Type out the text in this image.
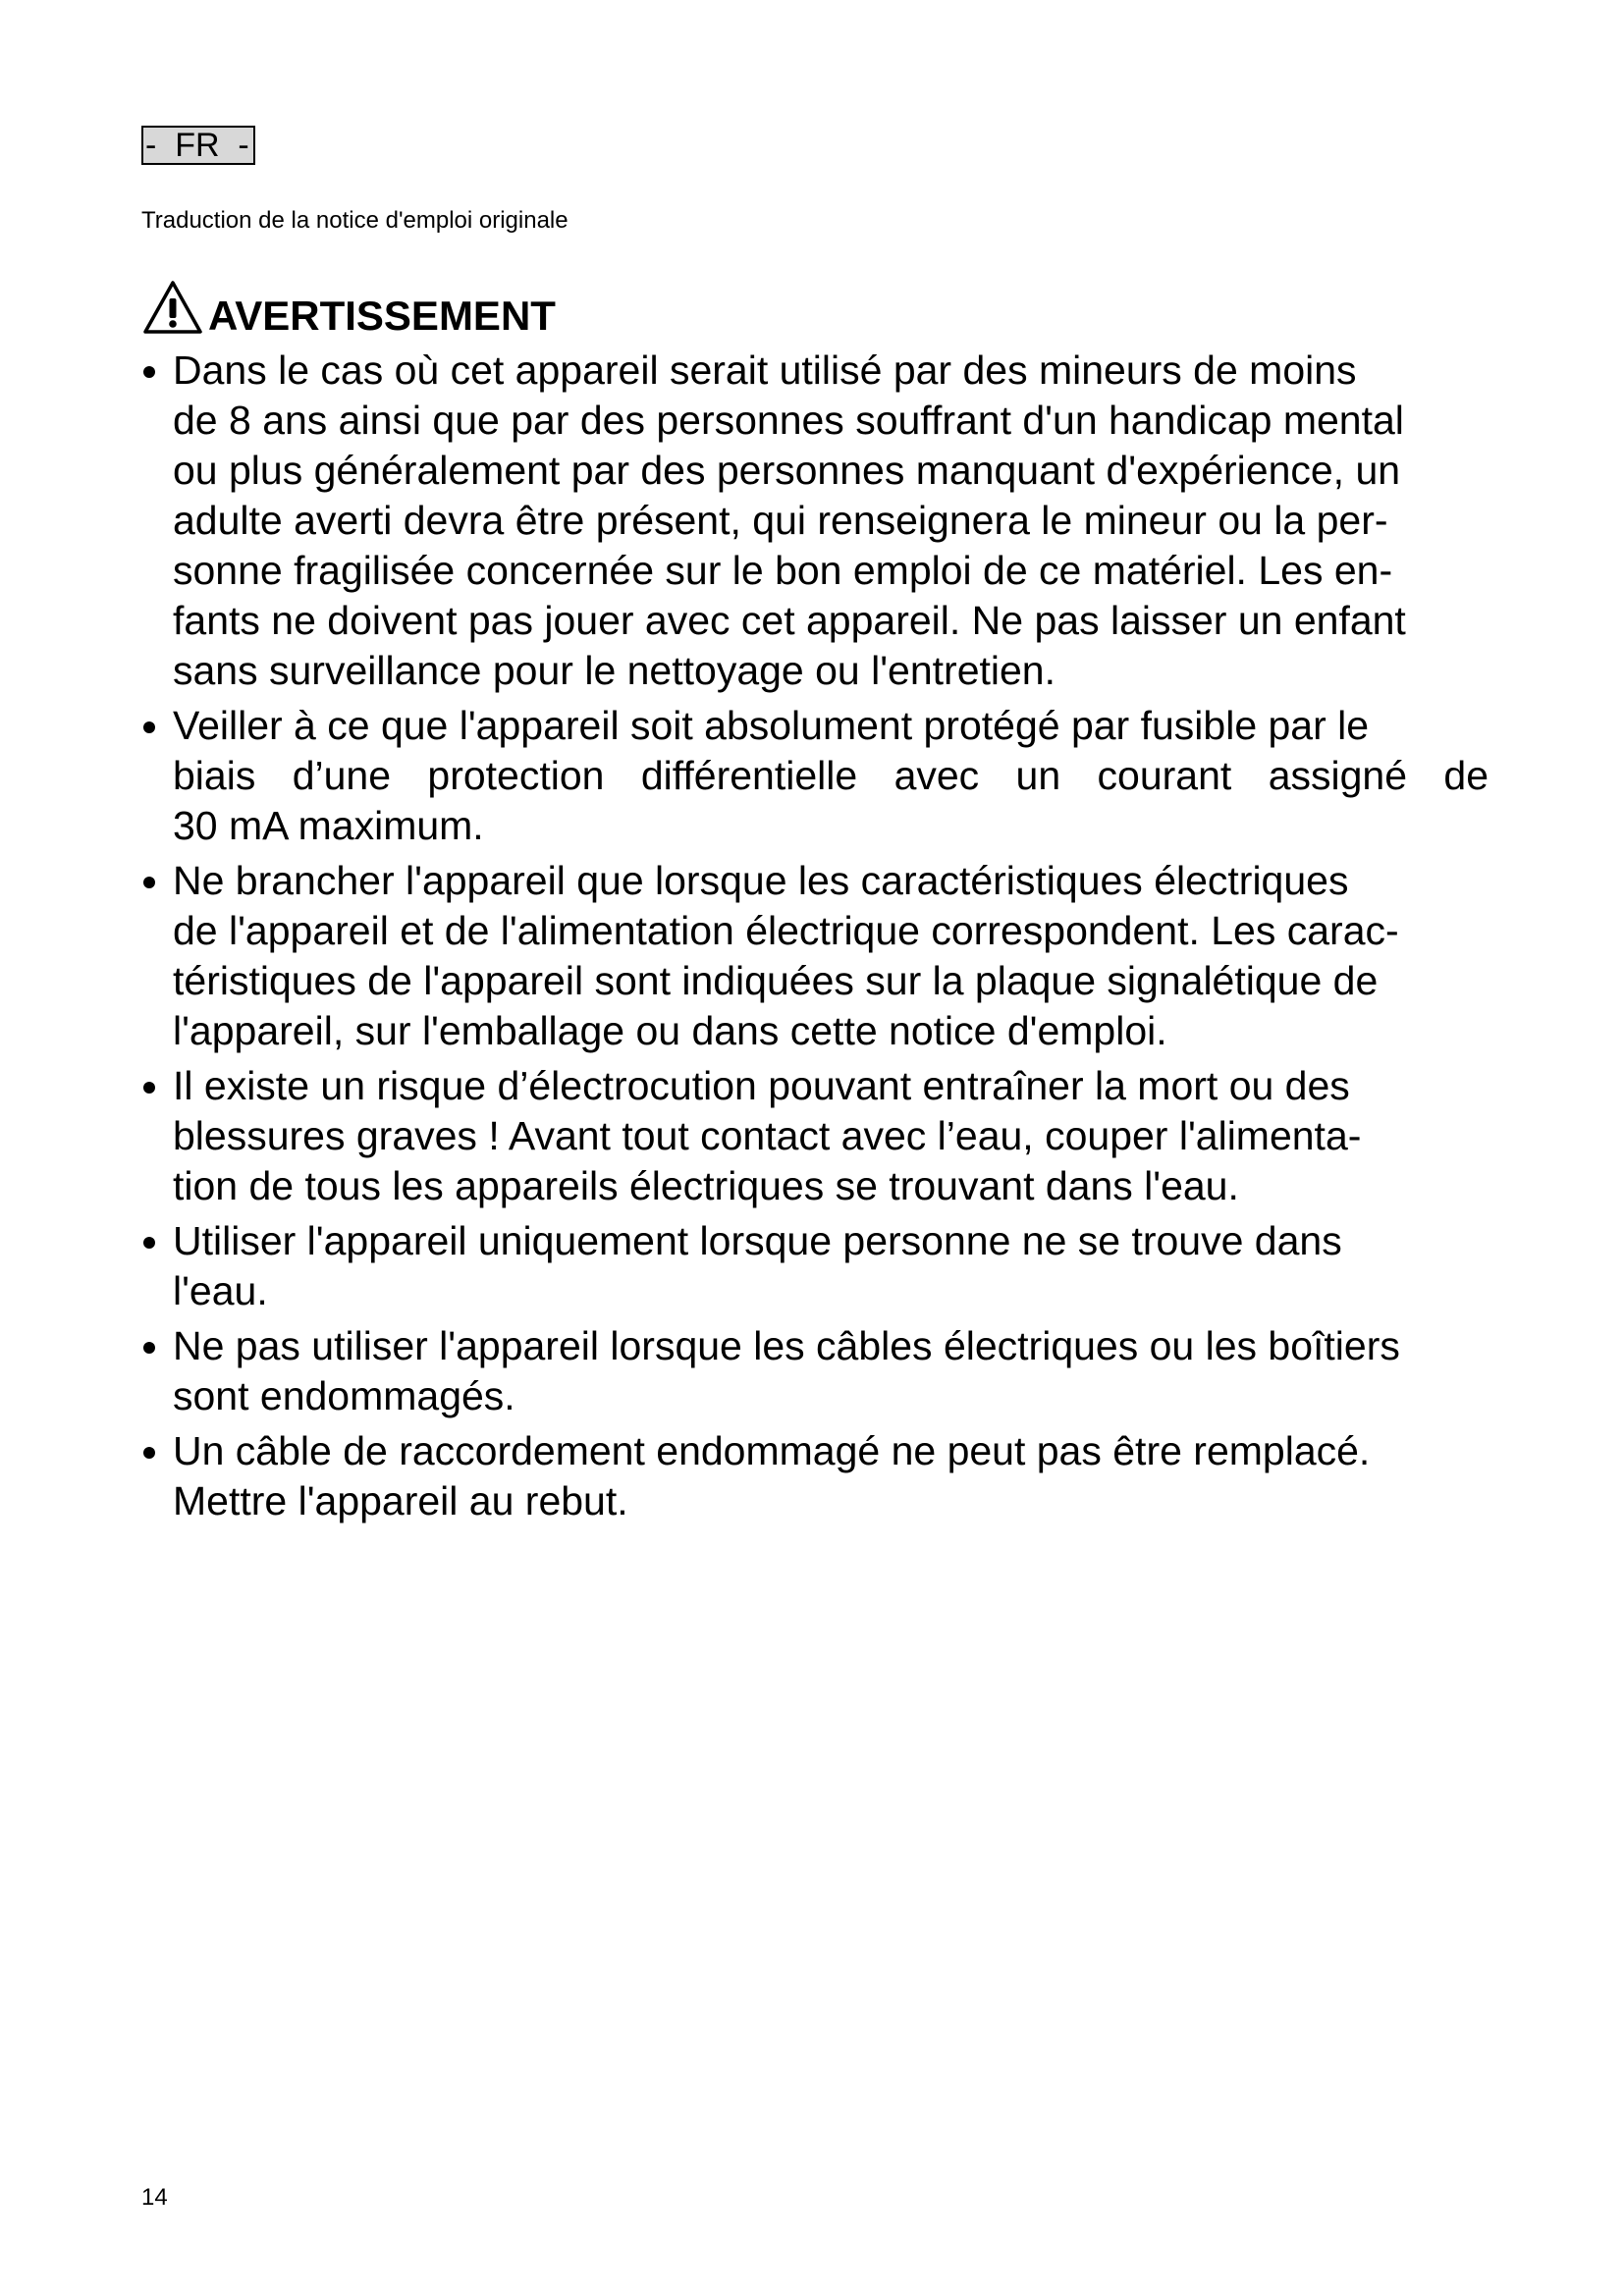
-  FR  -
Traduction de la notice d'emploi originale
AVERTISSEMENT
Dans le cas où cet appareil serait utilisé par des mineurs de moins
de 8 ans ainsi que par des personnes souffrant d'un handicap mental
ou plus généralement par des personnes manquant d'expérience, un
adulte averti devra être présent, qui renseignera le mineur ou la per-
sonne fragilisée concernée sur le bon emploi de ce matériel. Les en-
fants ne doivent pas jouer avec cet appareil. Ne pas laisser un enfant
sans surveillance pour le nettoyage ou l'entretien.
Veiller à ce que l'appareil soit absolument protégé par fusible par le
biais d’une protection différentielle avec un courant assigné de
30 mA maximum.
Ne brancher l'appareil que lorsque les caractéristiques électriques
de l'appareil et de l'alimentation électrique correspondent. Les carac-
téristiques de l'appareil sont indiquées sur la plaque signalétique de
l'appareil, sur l'emballage ou dans cette notice d'emploi.
Il existe un risque d’électrocution pouvant entraîner la mort ou des
blessures graves ! Avant tout contact avec l’eau, couper l'alimenta-
tion de tous les appareils électriques se trouvant dans l'eau.
Utiliser l'appareil uniquement lorsque personne ne se trouve dans
l'eau.
Ne pas utiliser l'appareil lorsque les câbles électriques ou les boîtiers
sont endommagés.
Un câble de raccordement endommagé ne peut pas être remplacé.
Mettre l'appareil au rebut.
14
